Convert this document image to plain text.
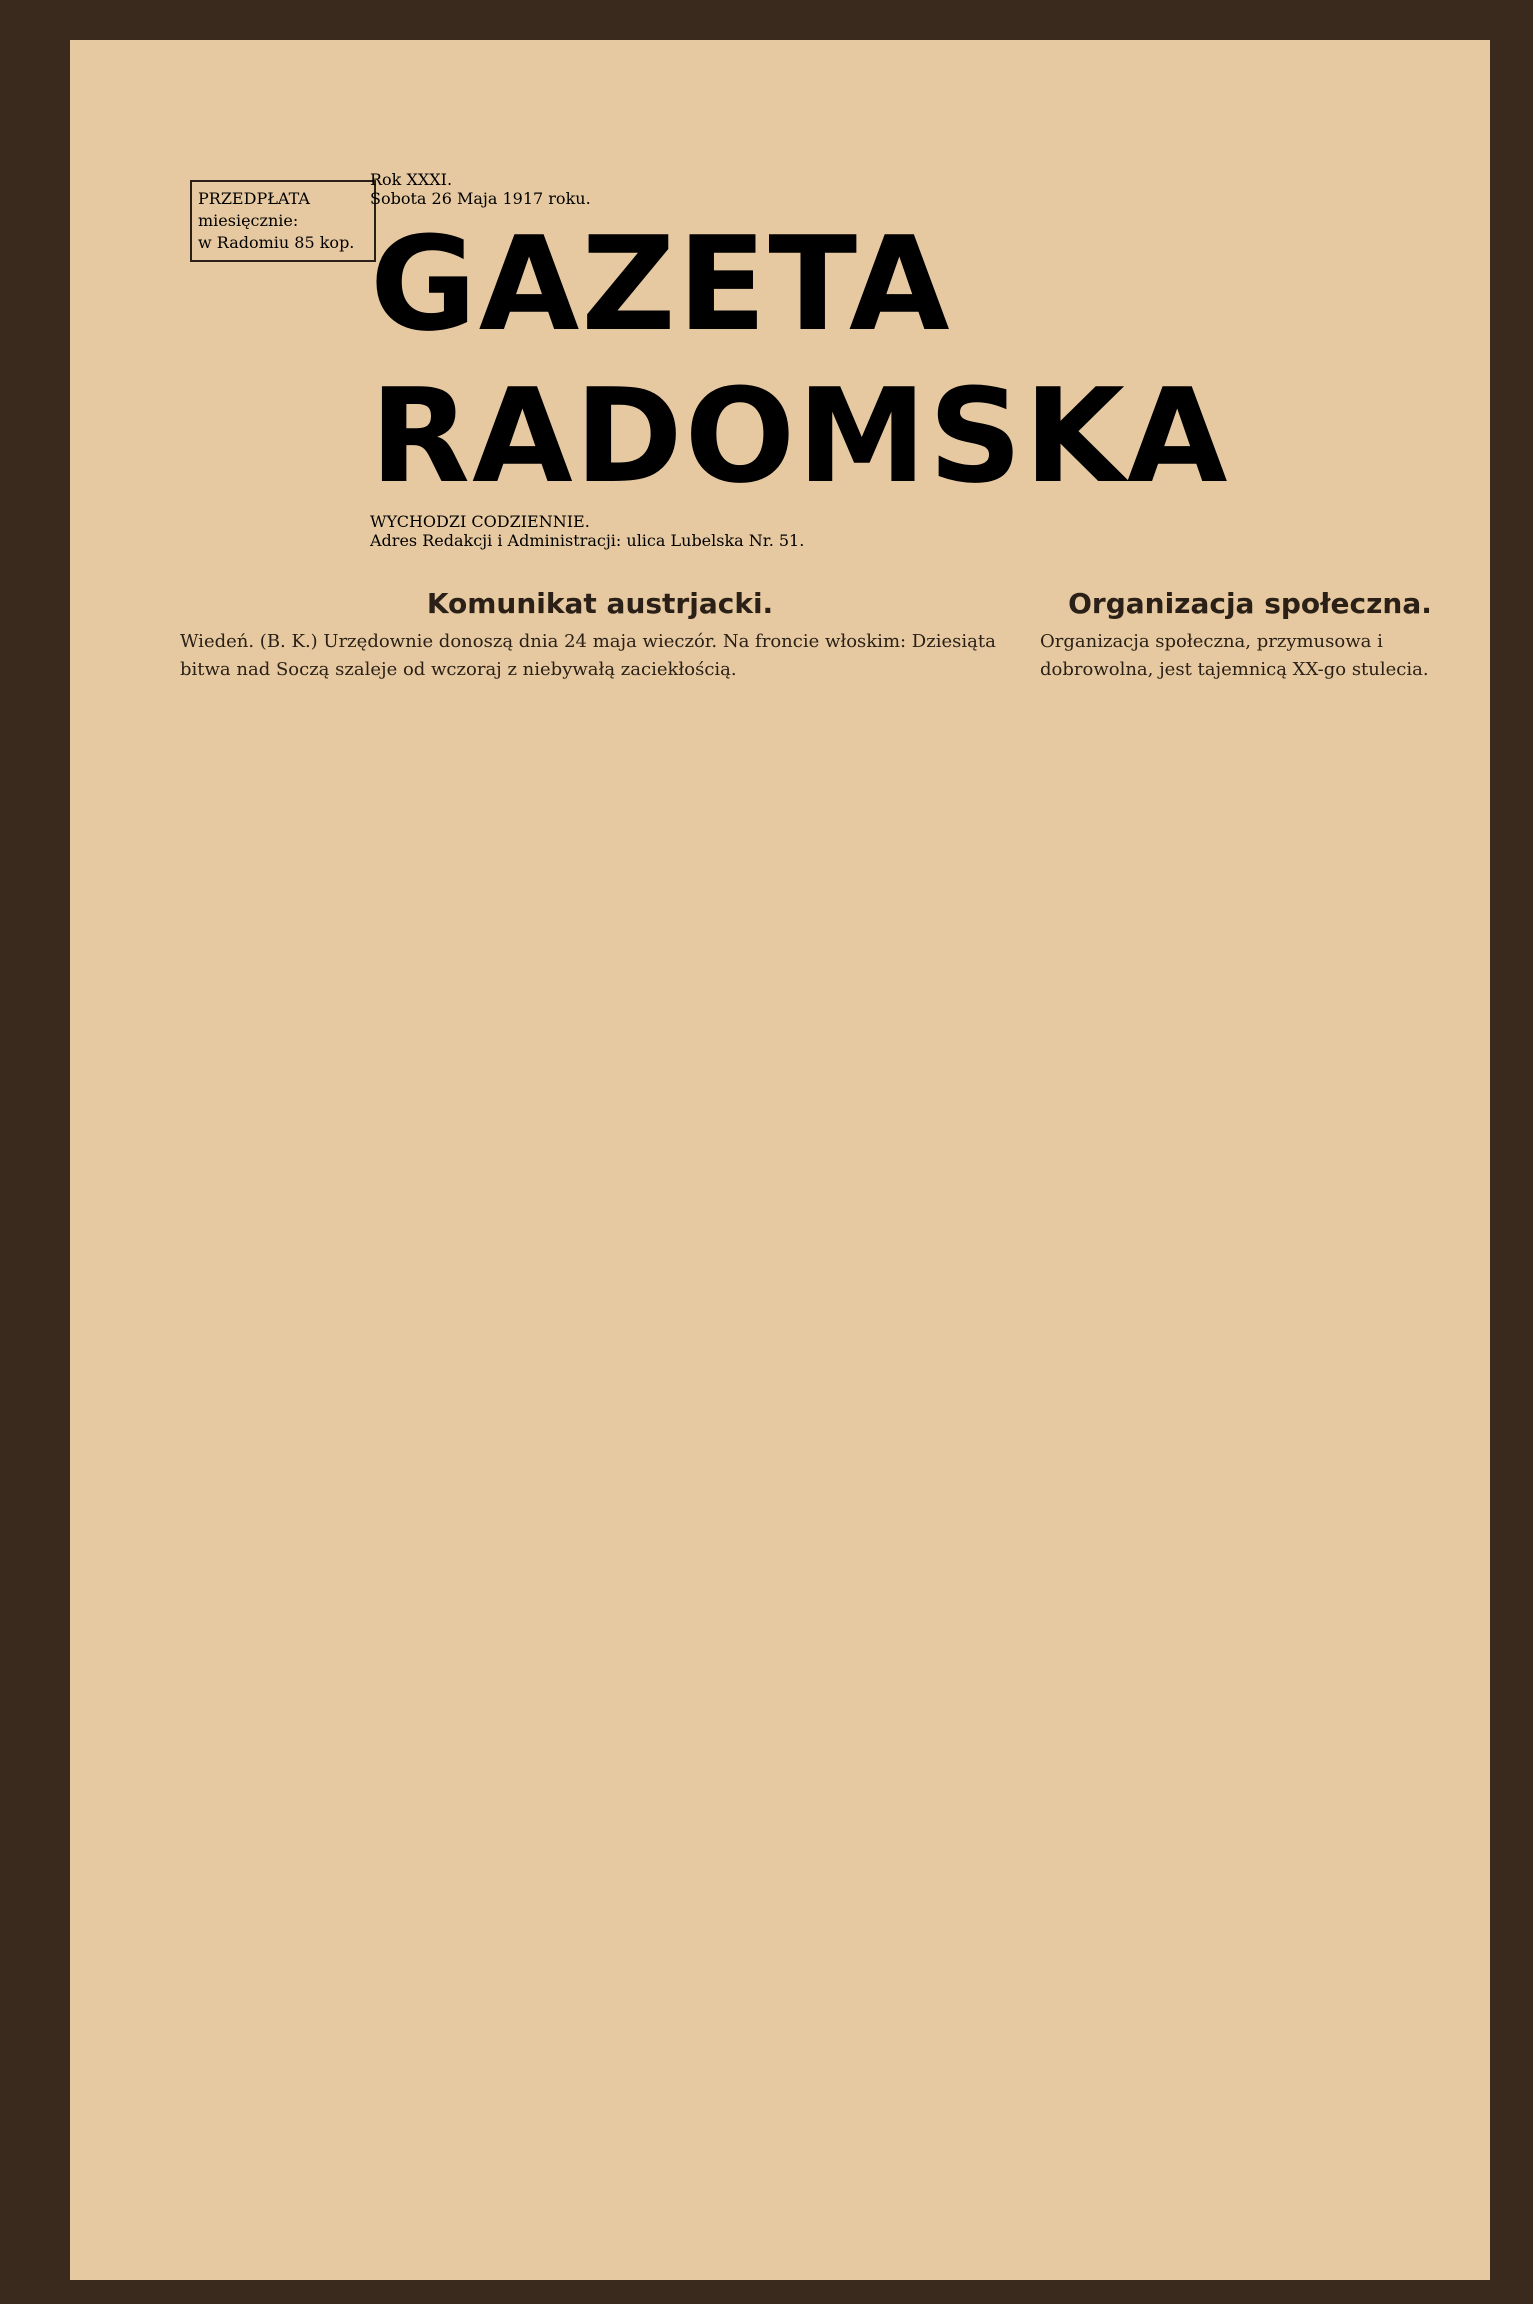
PRZEDPŁATA
miesięcznie:
w Radomiu 85 kop.
Rok XXXI.
Sobota 26 Maja 1917 roku.
GAZETA RADOMSKA
WYCHODZI CODZIENNIE.
Adres Redakcji i Administracji: ulica Lubelska Nr. 51.
Komunikat austrjacki.

Wiedeń. (B. K.) Urzędownie donoszą dnia 24 maja wieczór. Na froncie włoskim: Dziesiąta bitwa nad Soczą szaleje od wczoraj z niebywałą zaciekłością.

Organizacja społeczna.

Organizacja społeczna, przymusowa i dobrowolna, jest tajemnicą XX-go stulecia.
